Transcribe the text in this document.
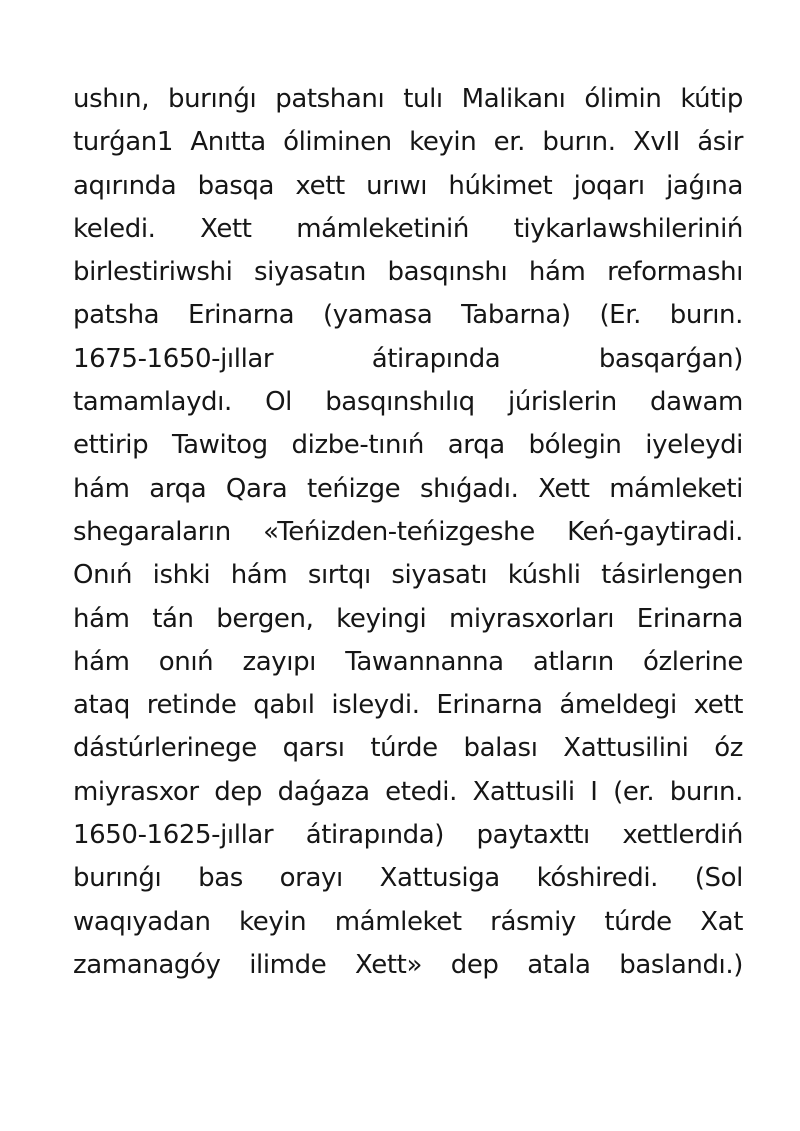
ushın, burınǵı patshanı tulı Malikanı ólimin kútip
turǵan1 Anıtta óliminen keyin er. burın. XvII ásir
aqırında basqa xett urıwı húkimet joqarı jaǵına
keledi. Xett mámleketiniń tiykarlawshileriniń
birlestiriwshi siyasatın basqınshı hám reformashı
patsha Erinarna (yamasa Tabarna) (Er. burın.
1675-1650-jıllar átirapında basqarǵan)
tamamlaydı. Ol basqınshılıq júrislerin dawam
ettirip Tawitog dizbe-tınıń arqa bólegin iyeleydi
hám arqa Qara teńizge shıǵadı. Xett mámleketi
shegaraların «Teńizden-teńizgeshe Keń-gaytiradi.
Onıń ishki hám sırtqı siyasatı kúshli tásirlengen
hám tán bergen, keyingi miyrasxorları Erinarna
hám onıń zayıpı Tawannanna atların ózlerine
ataq retinde qabıl isleydi. Erinarna ámeldegi xett
dástúrlerinege qarsı túrde balası Xattusilini óz
miyrasxor dep daǵaza etedi. Xattusili I (er. burın.
1650-1625-jıllar átirapında) paytaxttı xettlerdiń
burınǵı bas orayı Xattusiga kóshiredi. (Sol
waqıyadan keyin mámleket rásmiy túrde Xat
zamanagóy ilimde Xett» dep atala baslandı.)
